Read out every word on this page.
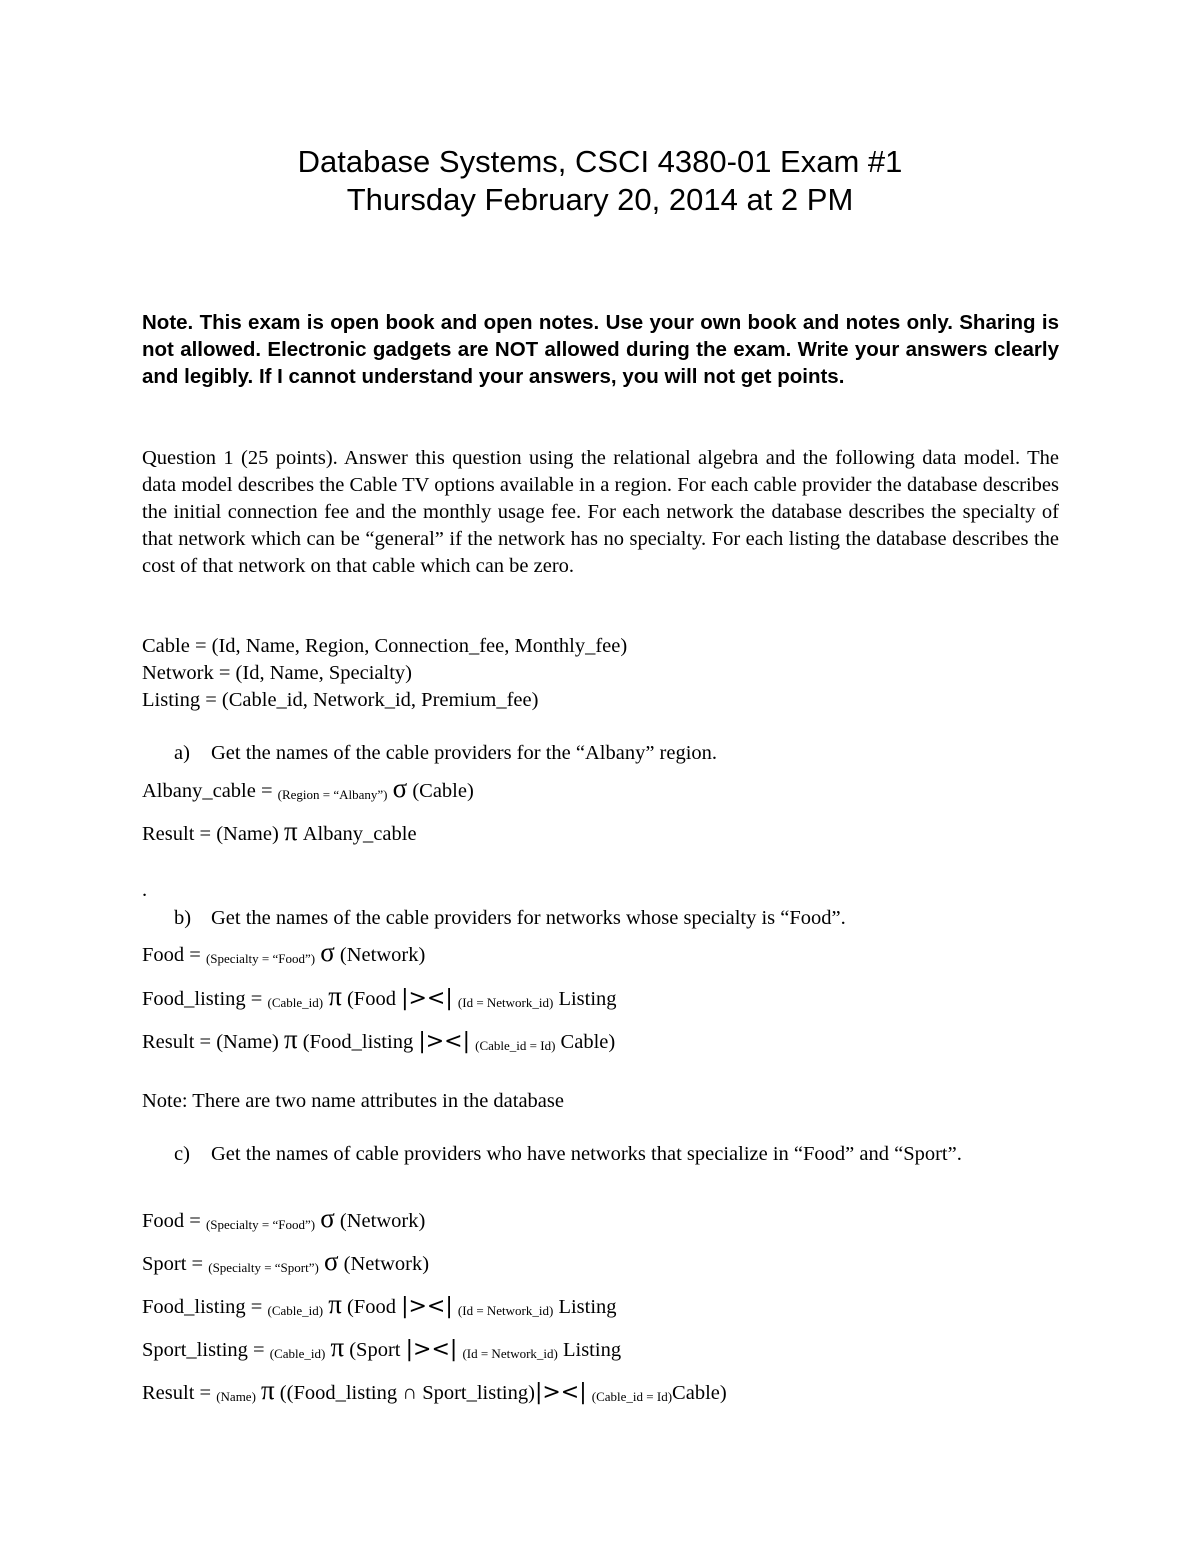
Database Systems, CSCI 4380-01 Exam #1
Thursday February 20, 2014 at 2 PM
Note. This exam is open book and open notes. Use your own book and notes only. Sharing is not allowed. Electronic gadgets are NOT allowed during the exam. Write your answers clearly and legibly. If I cannot understand your answers, you will not get points.
Question 1 (25 points). Answer this question using the relational algebra and the following data model. The data model describes the Cable TV options available in a region. For each cable provider the database describes the initial connection fee and the monthly usage fee. For each network the database describes the specialty of that network which can be “general” if the network has no specialty. For each listing the database describes the cost of that network on that cable which can be zero.
Cable = (Id, Name, Region, Connection_fee, Monthly_fee)
Network = (Id, Name, Specialty)
Listing = (Cable_id, Network_id, Premium_fee)
a) Get the names of the cable providers for the “Albany” region.
Albany_cable = (Region = “Albany”) σ (Cable)
Result = (Name) π Albany_cable
.
b) Get the names of the cable providers for networks whose specialty is “Food”.
Food = (Specialty = “Food”) σ (Network)
Food_listing = (Cable_id) π (Food |><| (Id = Network_id) Listing
Result = (Name) π (Food_listing |><| (Cable_id = Id) Cable)
Note: There are two name attributes in the database
c) Get the names of cable providers who have networks that specialize in “Food” and “Sport”.
Food = (Specialty = “Food”) σ (Network)
Sport = (Specialty = “Sport”) σ (Network)
Food_listing = (Cable_id) π (Food |><| (Id = Network_id) Listing
Sport_listing = (Cable_id) π (Sport |><| (Id = Network_id) Listing
Result = (Name) π ((Food_listing ∩ Sport_listing)|><| (Cable_id = Id)Cable)
